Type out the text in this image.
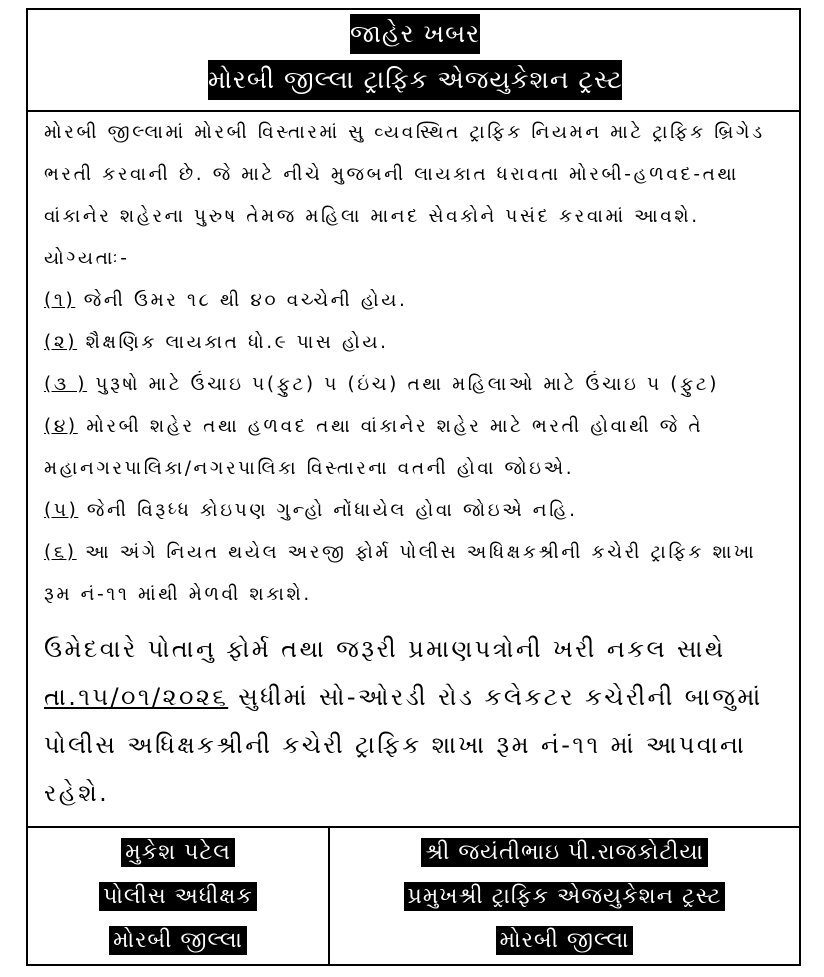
જાહેર ખબર
મોરબી જીલ્લા ટ્રાફિક એજયુકેશન ટ્રસ્ટ
મોરબી જીલ્લામાં મોરબી વિસ્તારમાં સુ વ્યવસ્થિત ટ્રાફિક નિયમન માટે ટ્રાફિક બ્રિગેડ
ભરતી કરવાની છે. જે માટે નીચે મુજબની લાયકાત ધરાવતા મોરબી-હળવદ-તથા
વાંકાનેર શહેરના પુરુષ તેમજ મહિલા માનદ સેવકોને પસંદ કરવામાં આવશે.
યોગ્યતાઃ-
(૧) જેની ઉમર ૧૮ થી ૪૦ વચ્ચેની હોય.
(૨) શૈક્ષણિક લાયકાત ધો.૯ પાસ હોય.
(૩ ) પુરૂષો માટે ઉંચાઇ ૫(ફુટ) ૫ (ઇંચ) તથા મહિલાઓ માટે ઉંચાઇ ૫ (ફુટ)
(૪) મોરબી શહેર તથા હળવદ તથા વાંકાનેર શહેર માટે ભરતી હોવાથી જે તે
મહાનગરપાલિકા/નગરપાલિકા વિસ્તારના વતની હોવા જોઇએ.
(૫) જેની વિરૂધ્ધ કોઇપણ ગુન્હો નોંધાયેલ હોવા જોઇએ નહિ.
(૬) આ અંગે નિયત થયેલ અરજી ફોર્મ પોલીસ અધિક્ષકશ્રીની કચેરી ટ્રાફિક શાખા
રૂમ નં-૧૧ માંથી મેળવી શકાશે.
ઉમેદવારે પોતાનુ ફોર્મ તથા જરૂરી પ્રમાણપત્રોની ખરી નકલ સાથે
તા.૧૫/૦૧/૨૦૨૬ સુધીમાં સો-ઓરડી રોડ કલેકટર કચેરીની બાજુમાં
પોલીસ અધિક્ષકશ્રીની કચેરી ટ્રાફિક શાખા રૂમ નં-૧૧ માં આપવાના
રહેશે.
મુકેશ પટેલ
પોલીસ અધીક્ષક
મોરબી જીલ્લા
શ્રી જયંતીભાઇ પી.રાજકોટીયા
પ્રમુખશ્રી ટ્રાફિક એજયુકેશન ટ્રસ્ટ
મોરબી જીલ્લા
